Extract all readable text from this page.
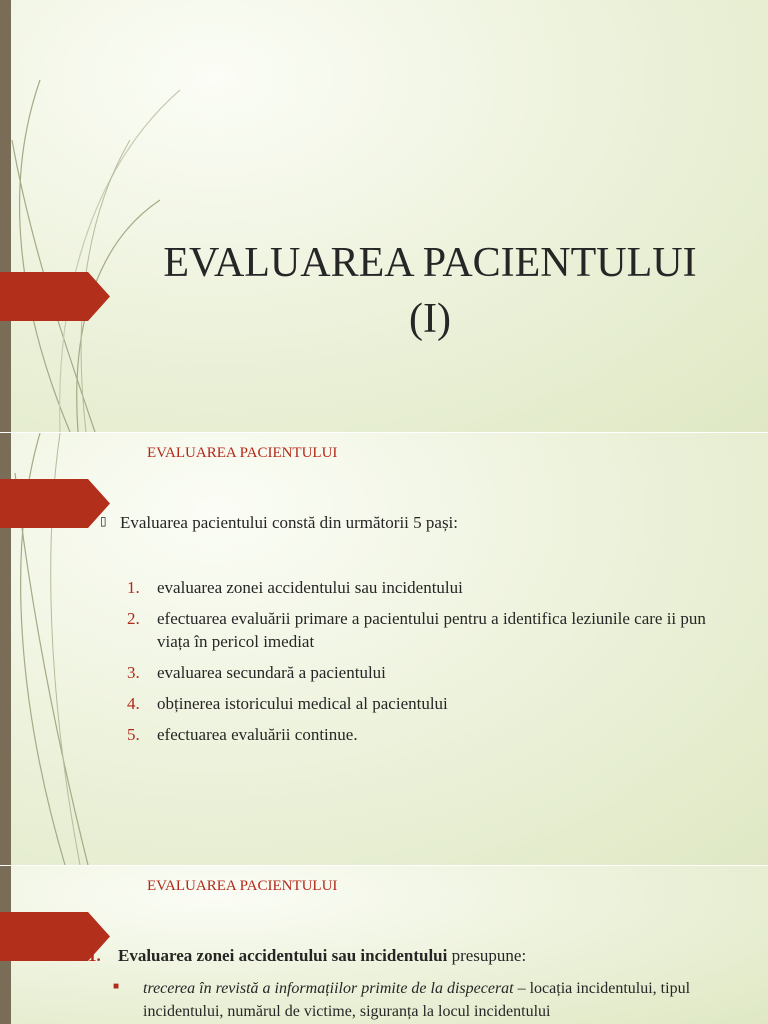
EVALUAREA PACIENTULUI
(I)
EVALUAREA PACIENTULUI
▯ Evaluarea pacientului constă din următorii 5 pași:
1.	evaluarea zonei accidentului sau incidentului
2.	efectuarea evaluării primare a pacientului pentru a identifica leziunile care ii pun viața în pericol imediat
3.	evaluarea secundară a pacientului
4.	obținerea istoricului medical al pacientului
5.	efectuarea evaluării continue.
EVALUAREA PACIENTULUI
1. Evaluarea zonei accidentului sau incidentului presupune:
■	trecerea în revistă a informațiilor primite de la dispecerat – locația incidentului, tipul incidentului, numărul de victime, siguranța la locul incidentului
